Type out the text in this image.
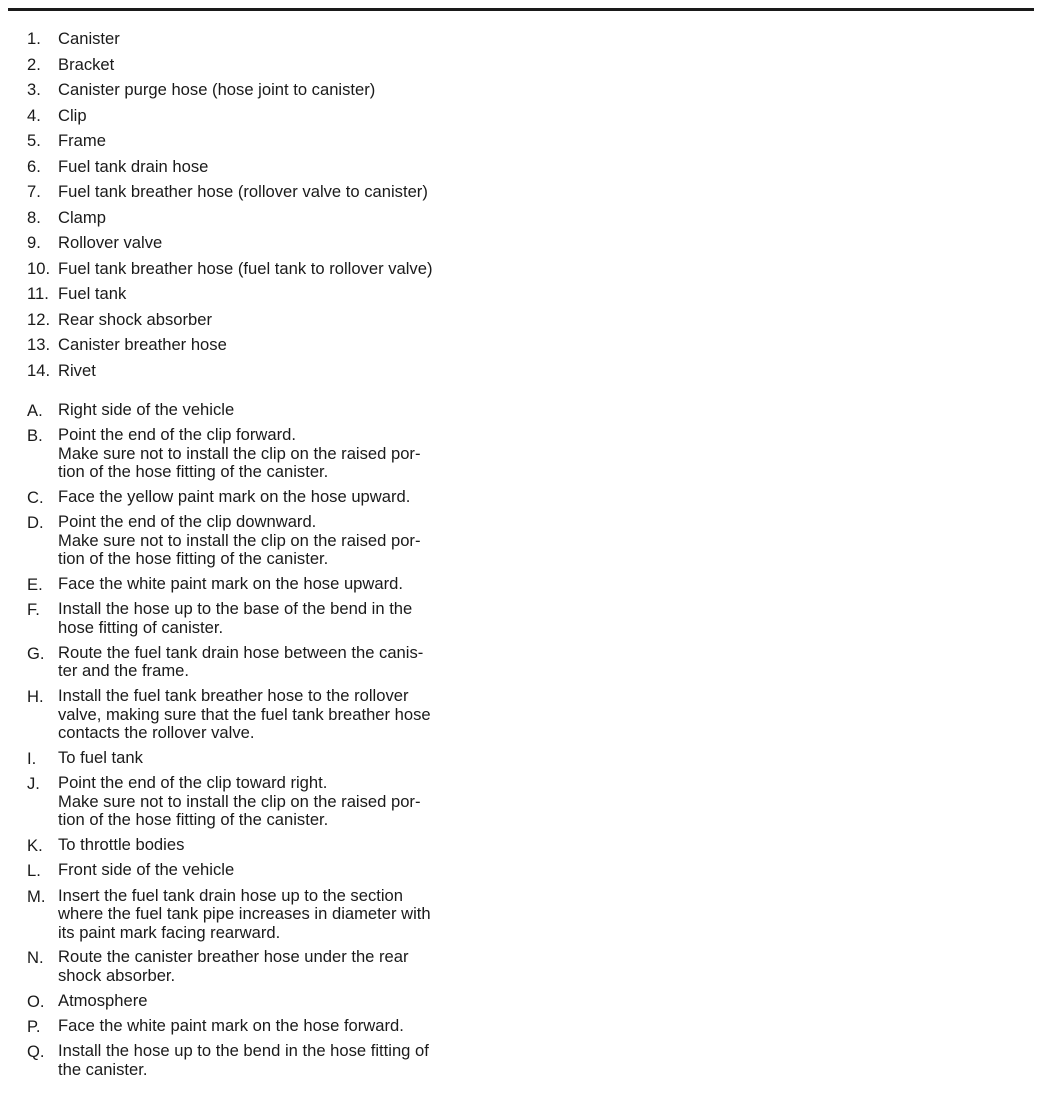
1.	Canister
2.	Bracket
3.	Canister purge hose (hose joint to canister)
4.	Clip
5.	Frame
6.	Fuel tank drain hose
7.	Fuel tank breather hose (rollover valve to canister)
8.	Clamp
9.	Rollover valve
10. Fuel tank breather hose (fuel tank to rollover valve)
11. Fuel tank
12. Rear shock absorber
13. Canister breather hose
14. Rivet
A. Right side of the vehicle
B. Point the end of the clip forward.
Make sure not to install the clip on the raised por-
tion of the hose fitting of the canister.
C. Face the yellow paint mark on the hose upward.
D. Point the end of the clip downward.
Make sure not to install the clip on the raised por-
tion of the hose fitting of the canister.
E. Face the white paint mark on the hose upward.
F.	Install the hose up to the base of the bend in the
hose fitting of canister.
G. Route the fuel tank drain hose between the canis-
ter and the frame.
H. Install the fuel tank breather hose to the rollover
valve, making sure that the fuel tank breather hose
contacts the rollover valve.
I.	To fuel tank
J.	Point the end of the clip toward right.
Make sure not to install the clip on the raised por-
tion of the hose fitting of the canister.
K. To throttle bodies
L.	Front side of the vehicle
M. Insert the fuel tank drain hose up to the section
where the fuel tank pipe increases in diameter with
its paint mark facing rearward.
N. Route the canister breather hose under the rear
shock absorber.
O. Atmosphere
P.	Face the white paint mark on the hose forward.
Q. Install the hose up to the bend in the hose fitting of
the canister.
